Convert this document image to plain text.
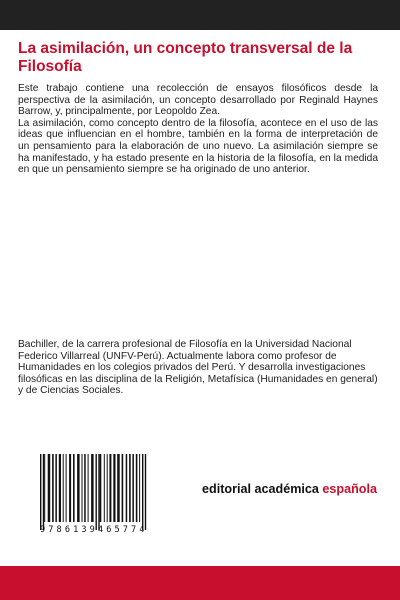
La asimilación, un concepto transversal de la Filosofía

Este trabajo contiene una recolección de ensayos filosóficos desde la perspectiva de la asimilación, un concepto desarrollado por Reginald Haynes Barrow, y, principalmente, por Leopoldo Zea.

La asimilación, como concepto dentro de la filosofía, acontece en el uso de las ideas que influencian en el hombre, también en la forma de interpretación de un pensamiento para la elaboración de uno nuevo. La asimilación siempre se ha manifestado, y ha estado presente en la historia de la filosofía, en la medida en que un pensamiento siempre se ha originado de uno anterior.

Bachiller, de la carrera profesional de Filosofía en la Universidad Nacional Federico Villarreal (UNFV-Perú). Actualmente labora como profesor de Humanidades en los colegios privados del Perú. Y desarrolla investigaciones filosóficas en las disciplina de la Religión, Metafísica (Humanidades en general) y de Ciencias Sociales.
9786139465774
editorial académica española
